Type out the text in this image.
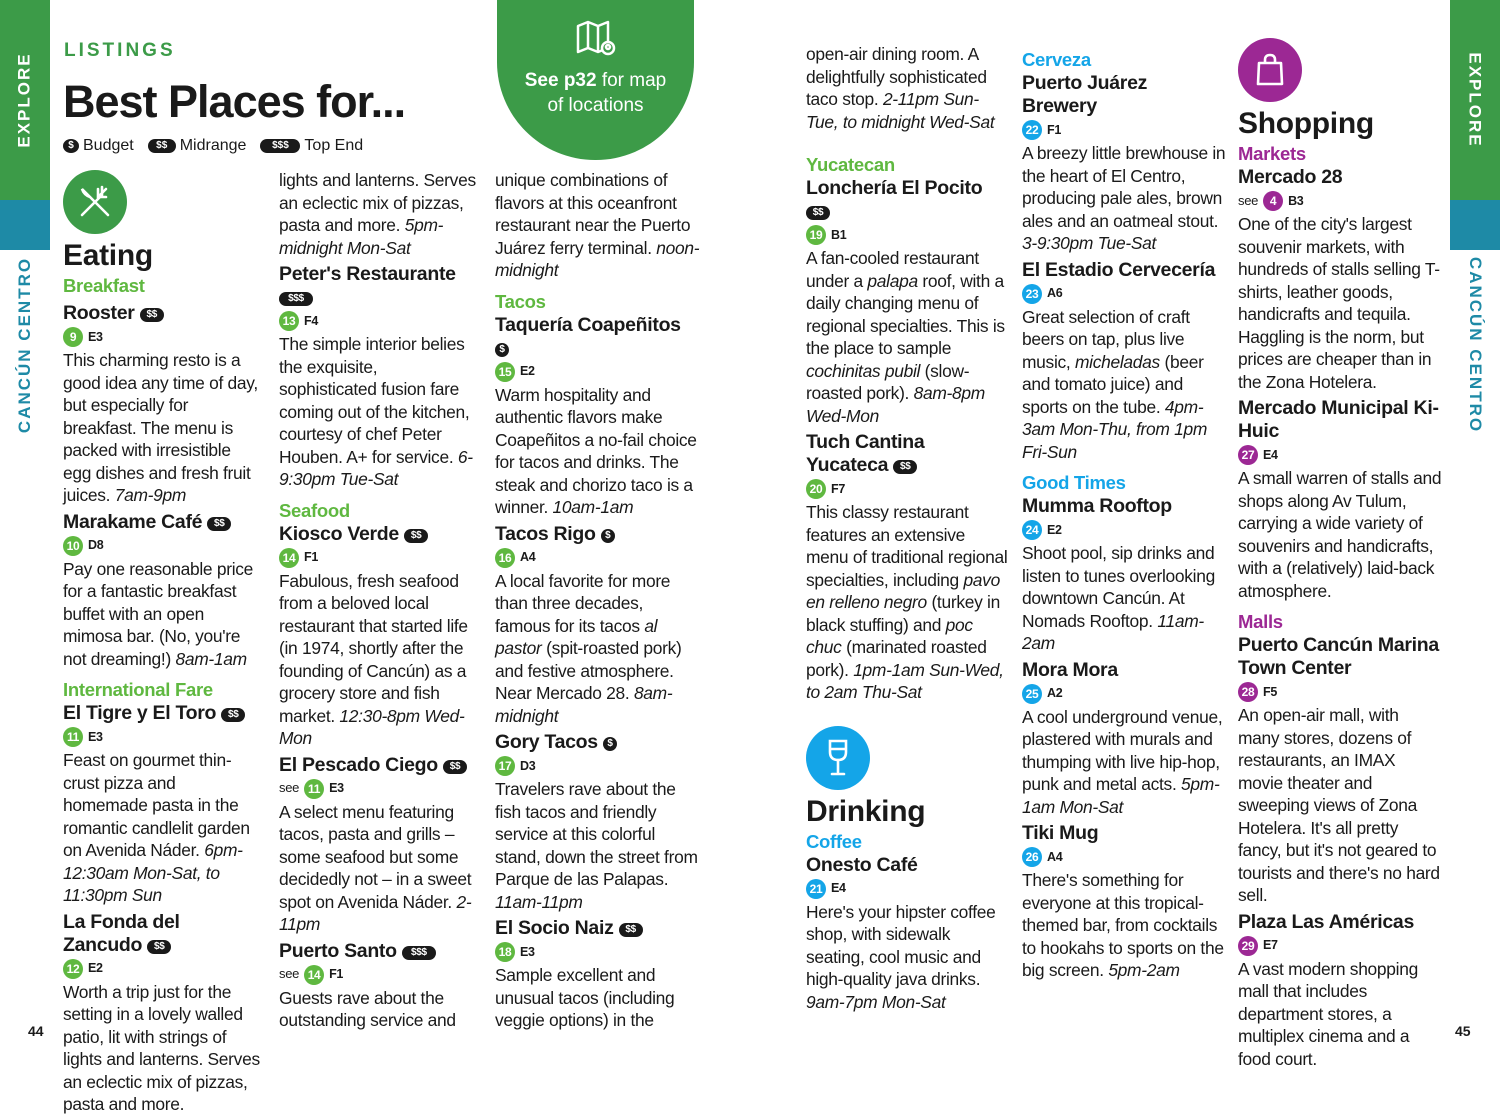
EXPLORE
CANCÚN CENTRO
44
EXPLORE
CANCÚN CENTRO
45
LISTINGS
Best Places for...
$ Budget	$$ Midrange	$$$ Top End
See p32 for map
of locations
Eating
Breakfast
Rooster $$
9 E3
This charming resto is a good idea any time of day, but especially for breakfast. The menu is packed with irresistible egg dishes and fresh fruit juices. 7am-9pm
Marakame Café $$
10 D8
Pay one reasonable price for a fantastic breakfast buffet with an open mimosa bar. (No, you're not dreaming!) 8am-1am
International Fare
El Tigre y El Toro $$
11 E3
Feast on gourmet thin-crust pizza and homemade pasta in the romantic candlelit garden on Avenida Náder. 6pm-12:30am Mon-Sat, to 11:30pm Sun
La Fonda del Zancudo $$
12 E2
Worth a trip just for the setting in a lovely walled patio, lit with strings of lights and lanterns. Serves an eclectic mix of pizzas, pasta and more.
lights and lanterns. Serves an eclectic mix of pizzas, pasta and more. 5pm-midnight Mon-Sat
Peter's Restaurante $$$
13 F4
The simple interior belies the exquisite, sophisticated fusion fare coming out of the kitchen, courtesy of chef Peter Houben. A+ for service. 6-9:30pm Tue-Sat
Seafood
Kiosco Verde $$
14 F1
Fabulous, fresh seafood from a beloved local restaurant that started life (in 1974, shortly after the founding of Cancún) as a grocery store and fish market. 12:30-8pm Wed-Mon
El Pescado Ciego $$
see 11 E3
A select menu featuring tacos, pasta and grills – some seafood but some decidedly not – in a sweet spot on Avenida Náder. 2-11pm
Puerto Santo $$$
see 14 F1
Guests rave about the outstanding service and
unique combinations of flavors at this oceanfront restaurant near the Puerto Juárez ferry terminal. noon-midnight
Tacos
Taquería Coapeñitos $
15 E2
Warm hospitality and authentic flavors make Coapeñitos a no-fail choice for tacos and drinks. The steak and chorizo taco is a winner. 10am-1am
Tacos Rigo $
16 A4
A local favorite for more than three decades, famous for its tacos al pastor (spit-roasted pork) and festive atmosphere. Near Mercado 28. 8am-midnight
Gory Tacos $
17 D3
Travelers rave about the fish tacos and friendly service at this colorful stand, down the street from Parque de las Palapas. 11am-11pm
El Socio Naiz $$
18 E3
Sample excellent and unusual tacos (including veggie options) in the
open-air dining room. A delightfully sophisticated taco stop. 2-11pm Sun-Tue, to midnight Wed-Sat
Yucatecan
Lonchería El Pocito $$
19 B1
A fan-cooled restaurant under a palapa roof, with a daily changing menu of regional specialties. This is the place to sample cochinitas pubil (slow-roasted pork). 8am-8pm Wed-Mon
Tuch Cantina Yucateca $$
20 F7
This classy restaurant features an extensive menu of traditional regional specialties, including pavo en relleno negro (turkey in black stuffing) and poc chuc (marinated roasted pork). 1pm-1am Sun-Wed, to 2am Thu-Sat
Drinking
Coffee
Onesto Café
21 E4
Here's your hipster coffee shop, with sidewalk seating, cool music and high-quality java drinks. 9am-7pm Mon-Sat
Cerveza
Puerto Juárez Brewery
22 F1
A breezy little brewhouse in the heart of El Centro, producing pale ales, brown ales and an oatmeal stout. 3-9:30pm Tue-Sat
El Estadio Cervecería
23 A6
Great selection of craft beers on tap, plus live music, micheladas (beer and tomato juice) and sports on the tube. 4pm-3am Mon-Thu, from 1pm Fri-Sun
Good Times
Mumma Rooftop
24 E2
Shoot pool, sip drinks and listen to tunes overlooking downtown Cancún. At Nomads Rooftop. 11am-2am
Mora Mora
25 A2
A cool underground venue, plastered with murals and thumping with live hip-hop, punk and metal acts. 5pm-1am Mon-Sat
Tiki Mug
26 A4
There's something for everyone at this tropical-themed bar, from cocktails to hookahs to sports on the big screen. 5pm-2am
Shopping
Markets
Mercado 28
see 4 B3
One of the city's largest souvenir markets, with hundreds of stalls selling T-shirts, leather goods, handicrafts and tequila. Haggling is the norm, but prices are cheaper than in the Zona Hotelera.
Mercado Municipal Ki-Huic
27 E4
A small warren of stalls and shops along Av Tulum, carrying a wide variety of souvenirs and handicrafts, with a (relatively) laid-back atmosphere.
Malls
Puerto Cancún Marina Town Center
28 F5
An open-air mall, with many stores, dozens of restaurants, an IMAX movie theater and sweeping views of Zona Hotelera. It's all pretty fancy, but it's not geared to tourists and there's no hard sell.
Plaza Las Américas
29 E7
A vast modern shopping mall that includes department stores, a multiplex cinema and a food court.
